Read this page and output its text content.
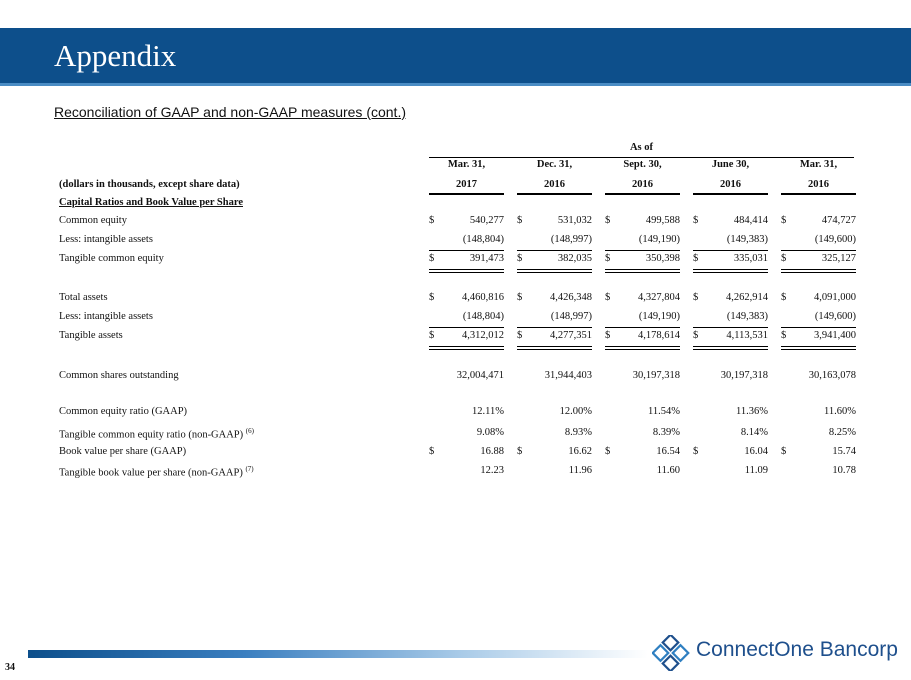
Appendix
Reconciliation of GAAP and non-GAAP measures (cont.)
As of
Mar. 31,	Dec. 31,	Sept. 30,	June 30,	Mar. 31,
(dollars in thousands, except share data)	2017	2016	2016	2016	2016
Capital Ratios and Book Value per Share
Common equity	$	540,277 $	531,032 $	499,588 $	484,414 $	474,727
Less: intangible assets	(148,804)	(148,997)	(149,190)	(149,383)	(149,600)
Tangible common equity	$	391,473 $	382,035 $	350,398 $	335,031 $	325,127
Total assets	$	4,460,816 $	4,426,348 $	4,327,804 $	4,262,914 $	4,091,000
Less: intangible assets	(148,804)	(148,997)	(149,190)	(149,383)	(149,600)
Tangible assets	$	4,312,012 $	4,277,351 $	4,178,614 $	4,113,531 $	3,941,400
Common shares outstanding	32,004,471	31,944,403	30,197,318	30,197,318	30,163,078
Common equity ratio (GAAP)	12.11%	12.00%	11.54%	11.36%	11.60%
Tangible common equity ratio (non-GAAP) $^{(6)}$	9.08%	8.93%	8.39%	8.14%	8.25%
Book value per share (GAAP)	$	16.88 $	16.62 $	16.54 $	16.04 $	15.74
Tangible book value per share (non-GAAP) $^{(7)}$	12.23	11.96	11.60	11.09	10.78
34
ConnectOne Bancorp
